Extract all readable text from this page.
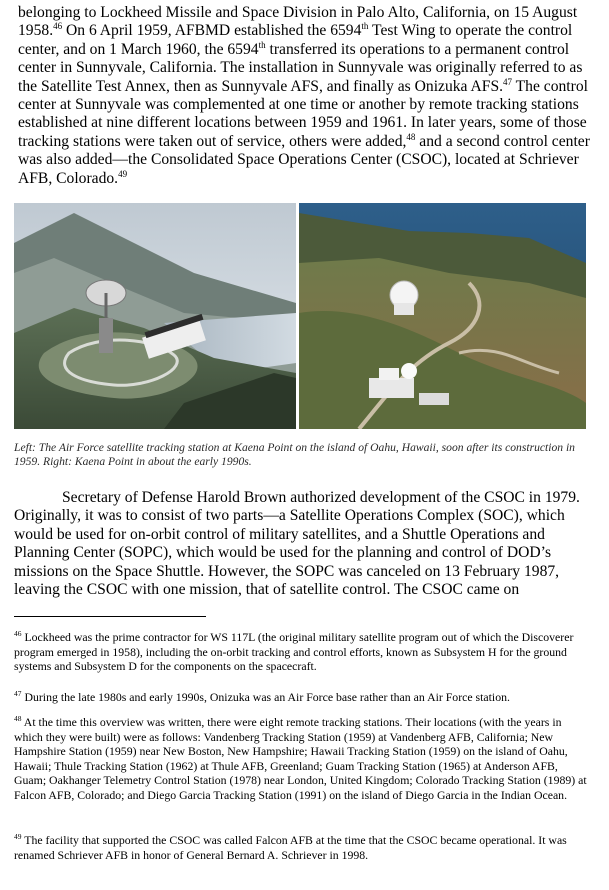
belonging to Lockheed Missile and Space Division in Palo Alto, California, on 15 August 1958.46 On 6 April 1959, AFBMD established the 6594th Test Wing to operate the control center, and on 1 March 1960, the 6594th transferred its operations to a permanent control center in Sunnyvale, California. The installation in Sunnyvale was originally referred to as the Satellite Test Annex, then as Sunnyvale AFS, and finally as Onizuka AFS.$^{47}$ The control center at Sunnyvale was complemented at one time or another by remote tracking stations established at nine different locations between 1959 and 1961. In later years, some of those tracking stations were taken out of service, others were added,$^{48}$ and a second control center was also added—the Consolidated Space Operations Center (CSOC), located at Schriever AFB, Colorado.$^{49}$

Left: The Air Force satellite tracking station at Kaena Point on the island of Oahu, Hawaii, soon after its construction in 1959. Right: Kaena Point in about the early 1990s.

Secretary of Defense Harold Brown authorized development of the CSOC in 1979. Originally, it was to consist of two parts—a Satellite Operations Complex (SOC), which would be used for on-orbit control of military satellites, and a Shuttle Operations and Planning Center (SOPC), which would be used for the planning and control of DOD’s missions on the Space Shuttle. However, the SOPC was canceled on 13 February 1987, leaving the CSOC with one mission, that of satellite control. The CSOC came on

$^{46}$ Lockheed was the prime contractor for WS 117L (the original military satellite program out of which the Discoverer program emerged in 1958), including the on-orbit tracking and control efforts, known as Subsystem H for the ground systems and Subsystem D for the components on the spacecraft.

$^{47}$ During the late 1980s and early 1990s, Onizuka was an Air Force base rather than an Air Force station.

$^{48}$ At the time this overview was written, there were eight remote tracking stations. Their locations (with the years in which they were built) were as follows: Vandenberg Tracking Station (1959) at Vandenberg AFB, California; New Hampshire Station (1959) near New Boston, New Hampshire; Hawaii Tracking Station (1959) on the island of Oahu, Hawaii; Thule Tracking Station (1962) at Thule AFB, Greenland; Guam Tracking Station (1965) at Anderson AFB, Guam; Oakhanger Telemetry Control Station (1978) near London, United Kingdom; Colorado Tracking Station (1989) at Falcon AFB, Colorado; and Diego Garcia Tracking Station (1991) on the island of Diego Garcia in the Indian Ocean.

$^{49}$ The facility that supported the CSOC was called Falcon AFB at the time that the CSOC became operational. It was renamed Schriever AFB in honor of General Bernard A. Schriever in 1998.
